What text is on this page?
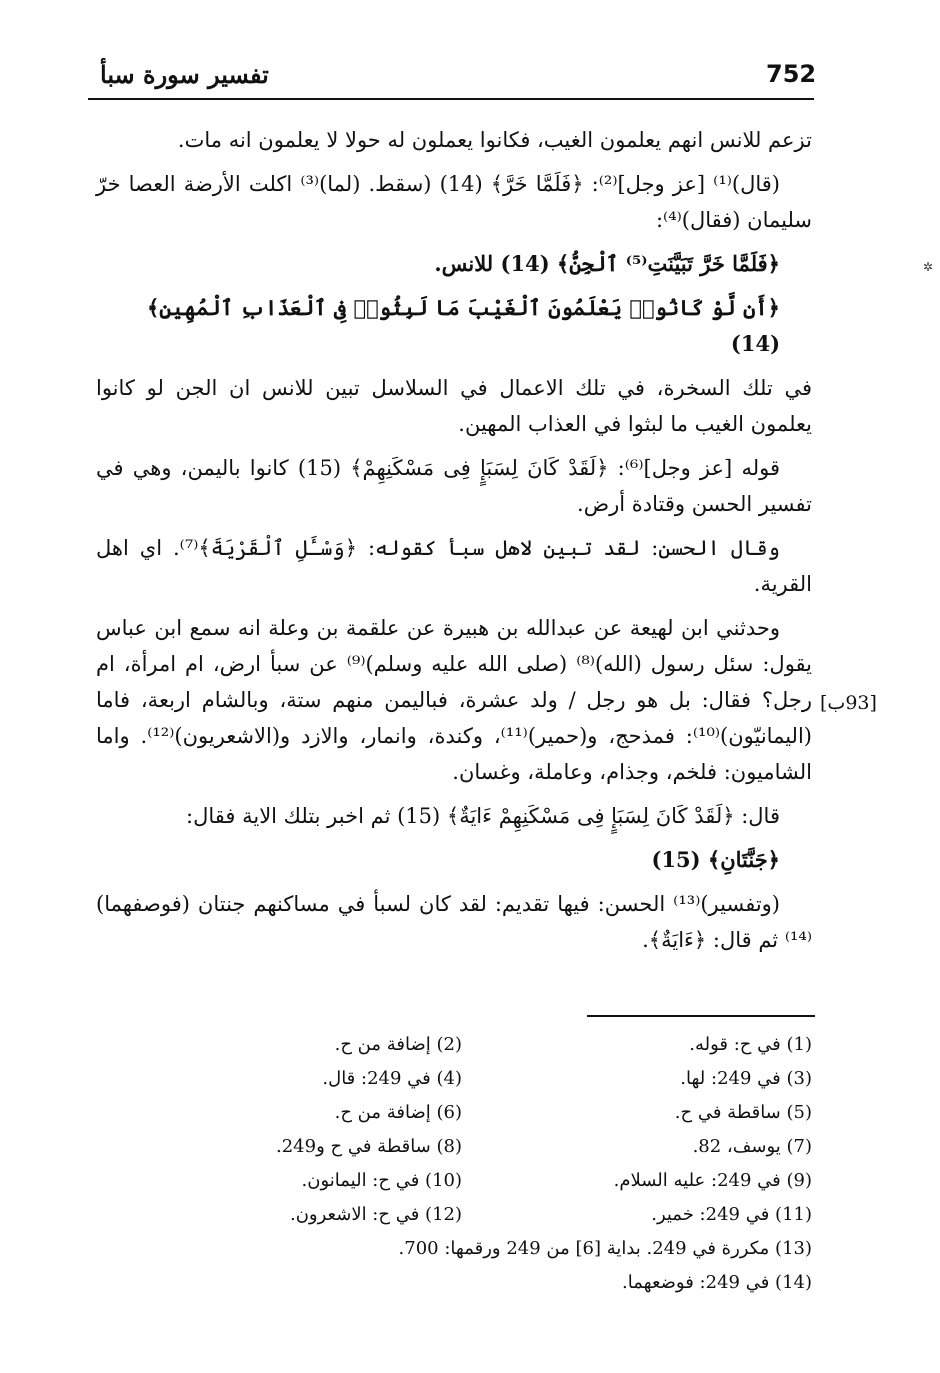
تفسير سورة سبأ	752
✲

تزعم للانس انهم يعلمون الغيب، فكانوا يعملون له حولا لا يعلمون انه مات.

(قال)⁽¹⁾ [عز وجل]⁽²⁾: ﴿فَلَمَّا خَرَّ﴾ (14) (سقط. (لما)⁽³⁾ اكلت الأرضة العصا خرّ سليمان (فقال)⁽⁴⁾:

﴿فَلَمَّا خَرَّ تَبَيَّنَتِ⁽⁵⁾ ٱلْجِنُّ﴾ (14) للانس.

﴿أَن لَّوْ كَانُوا۟ يَعْلَمُونَ ٱلْغَيْبَ مَا لَبِثُوا۟ فِى ٱلْعَذَابِ ٱلْمُهِينِ﴾ (14)

في تلك السخرة، في تلك الاعمال في السلاسل تبين للانس ان الجن لو كانوا يعلمون الغيب ما لبثوا في العذاب المهين.

قوله [عز وجل]⁽⁶⁾: ﴿لَقَدْ كَانَ لِسَبَإٍ فِى مَسْكَنِهِمْ﴾ (15) كانوا باليمن، وهي في تفسير الحسن وقتادة أرض.

وقال الحسن: لقد تبين لاهل سبأ كقوله: ﴿وَسْـَٔلِ ٱلْقَرْيَةَ﴾⁽⁷⁾. اي اهل القرية.

وحدثني ابن لهيعة عن عبدالله بن هبيرة عن علقمة بن وعلة انه سمع ابن عباس يقول: سئل رسول (الله)⁽⁸⁾ (صلى الله عليه وسلم)⁽⁹⁾ عن سبأ ارض، ام امرأة، ام رجل؟ فقال: بل هو رجل / ولد عشرة، فباليمن منهم ستة، وبالشام اربعة، فاما (اليمانيّون)⁽¹⁰⁾: فمذحج، و(حمير)⁽¹¹⁾، وكندة، وانمار، والازد و(الاشعريون)⁽¹²⁾. واما الشاميون: فلخم، وجذام، وعاملة، وغسان.

قال: ﴿لَقَدْ كَانَ لِسَبَإٍ فِى مَسْكَنِهِمْ ءَايَةٌ﴾ (15) ثم اخبر بتلك الاية فقال:

﴿جَنَّتَانِ﴾ (15)

(وتفسير)⁽¹³⁾ الحسن: فيها تقديم: لقد كان لسبأ في مساكنهم جنتان (فوصفهما)⁽¹⁴⁾ ثم قال: ﴿ءَايَةٌ﴾.

[93ب]
(1) في ح: قوله.
(2) إضافة من ح.
(3) في 249: لها.
(4) في 249: قال.
(5) ساقطة في ح.
(6) إضافة من ح.
(7) يوسف، 82.
(8) ساقطة في ح و249.
(9) في 249: عليه السلام.
(10) في ح: اليمانون.
(11) في 249: خمير.
(12) في ح: الاشعرون.
(13) مكررة في 249. بداية [6] من 249 ورقمها: 700.
(14) في 249: فوضعهما.
